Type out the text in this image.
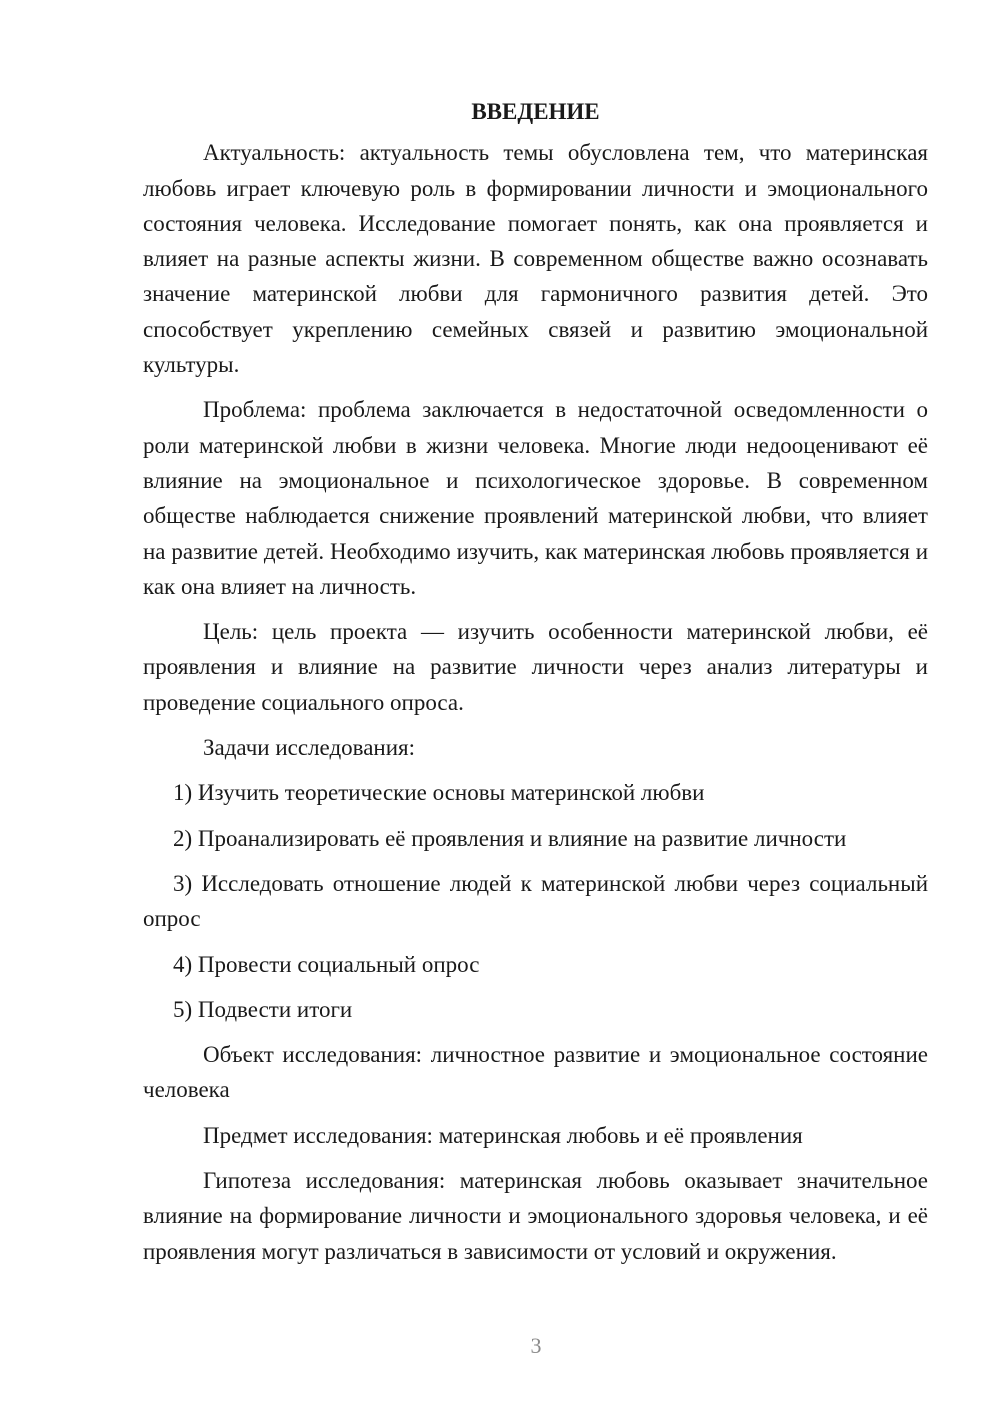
ВВЕДЕНИЕ

Актуальность: актуальность темы обусловлена тем, что материнская любовь играет ключевую роль в формировании личности и эмоционального состояния человека. Исследование помогает понять, как она проявляется и влияет на разные аспекты жизни. В современном обществе важно осознавать значение материнской любви для гармоничного развития детей. Это способствует укреплению семейных связей и развитию эмоциональной культуры.

Проблема: проблема заключается в недостаточной осведомленности о роли материнской любви в жизни человека. Многие люди недооценивают её влияние на эмоциональное и психологическое здоровье. В современном обществе наблюдается снижение проявлений материнской любви, что влияет на развитие детей. Необходимо изучить, как материнская любовь проявляется и как она влияет на личность.

Цель: цель проекта — изучить особенности материнской любви, её проявления и влияние на развитие личности через анализ литературы и проведение социального опроса.

Задачи исследования:

1) Изучить теоретические основы материнской любви

2) Проанализировать её проявления и влияние на развитие личности

3) Исследовать отношение людей к материнской любви через социальный опрос

4) Провести социальный опрос

5) Подвести итоги

Объект исследования: личностное развитие и эмоциональное состояние человека

Предмет исследования: материнская любовь и её проявления

Гипотеза исследования: материнская любовь оказывает значительное влияние на формирование личности и эмоционального здоровья человека, и её проявления могут различаться в зависимости от условий и окружения.

3
